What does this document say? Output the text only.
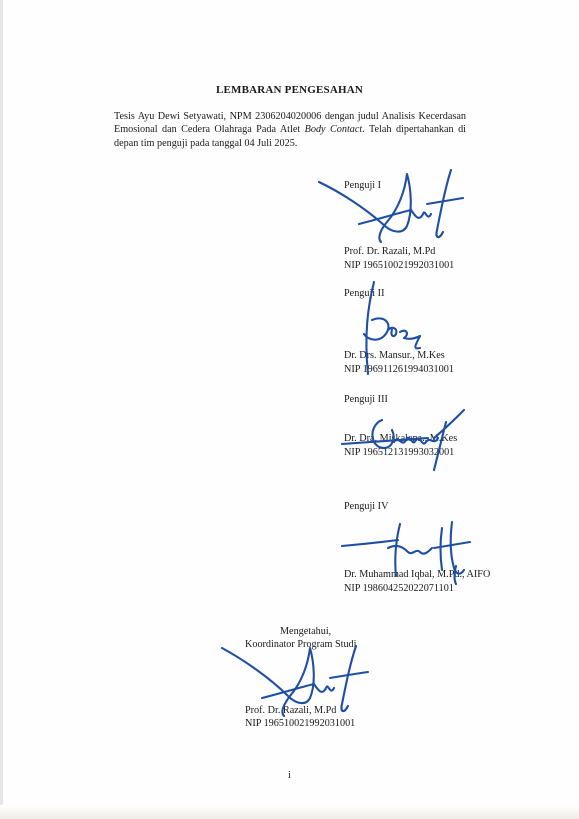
LEMBARAN PENGESAHAN
Tesis Ayu Dewi Setyawati, NPM 2306204020006 dengan judul Analisis Kecerdasan Emosional dan Cedera Olahraga Pada Atlet Body Contact. Telah dipertahankan di depan tim penguji pada tanggal 04 Juli 2025.
Penguji I
Prof. Dr. Razali, M.Pd
NIP 196510021992031001
Penguji II
Dr. Drs. Mansur., M.Kes
NIP 196911261994031001
Penguji III
Dr. Dra. Miskalena., M.Kes
NIP 196512131993032001
Penguji IV
Dr. Muhammad Iqbal, M.Pd., AIFO
NIP 198604252022071101
Mengetahui,
Koordinator Program Studi
Prof. Dr. Razali, M.Pd
NIP 196510021992031001
i
